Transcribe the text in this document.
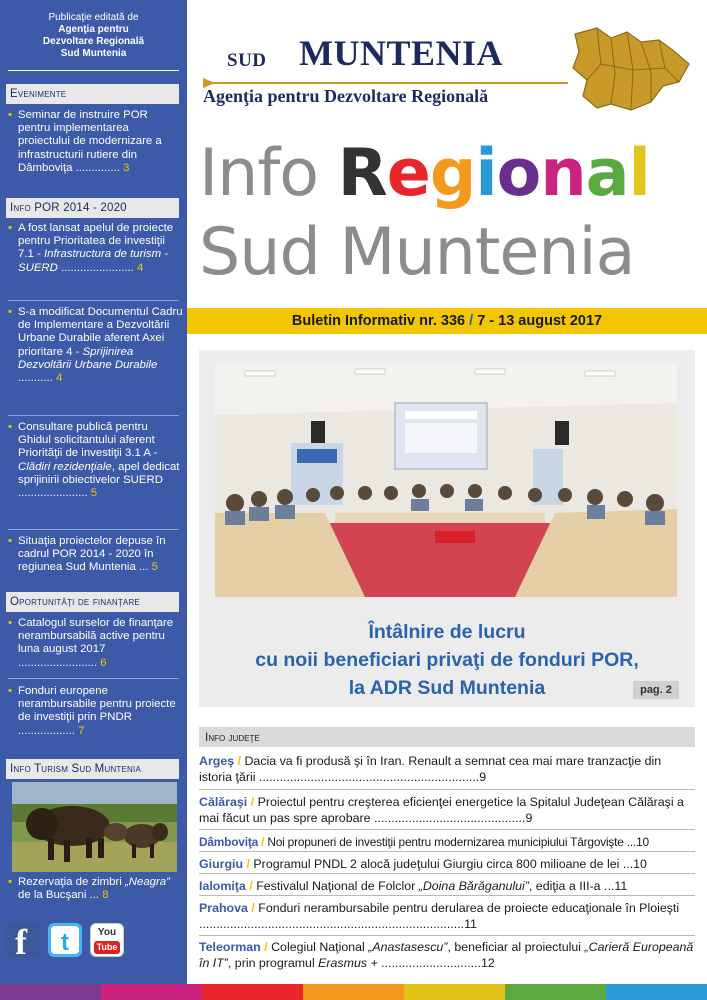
Publicaţie editată de
Agenţia pentru
Dezvoltare Regională
Sud Muntenia
Evenimente
▪ Seminar de instruire POR pentru implementarea proiectului de modernizare a infrastructurii rutiere din Dâmboviţa .............. 3
Info POR 2014 - 2020
▪ A fost lansat apelul de proiecte pentru Prioritatea de investiţii 7.1 - Infrastructura de turism - SUERD ....................... 4
▪ S-a modificat Documentul Cadru de Implementare a Dezvoltării Urbane Durabile aferent Axei prioritare 4 - Sprijinirea Dezvoltării Urbane Durabile ........... 4
▪ Consultare publică pentru Ghidul solicitantului aferent Priorităţii de investiţii 3.1 A - Clădiri rezidenţiale, apel dedicat sprijinirii obiectivelor SUERD ...................... 5
▪ Situaţia proiectelor depuse în cadrul POR 2014 - 2020 în regiunea Sud Muntenia ... 5
Oportunităţi de finanţare
▪ Catalogul surselor de finanţare nerambursabilă active pentru luna august 2017 ......................... 6
▪ Fonduri europene nerambursabile pentru proiecte de investiţii prin PNDR .................. 7
Info Turism Sud Muntenia
▪ Rezervaţia de zimbri „Neagra” de la Bucşani ... 8
f t	You
Tube
SUD MUNTENIA
Agenţia pentru Dezvoltare Regională
Info Regional
Sud Muntenia
Buletin Informativ nr. 336 / 7 - 13 august 2017
Întâlnire de lucru
cu noii beneficiari privaţi de fonduri POR,
la ADR Sud Muntenia	pag. 2
Info judeţe
Argeş / Dacia va fi produsă şi în Iran. Renault a semnat cea mai mare tranzacţie din istoria ţării ................................................................9
Călăraşi / Proiectul pentru creşterea eficienţei energetice la Spitalul Judeţean Călăraşi a mai făcut un pas spre aprobare ............................................9
Dâmboviţa / Noi propuneri de investiţii pentru modernizarea municipiului Târgovişte ...10
Giurgiu / Programul PNDL 2 alocă judeţului Giurgiu circa 800 milioane de lei ...10
Ialomiţa / Festivalul Naţional de Folclor „Doina Bărăganului”, ediţia a III-a ...11
Prahova / Fonduri nerambursabile pentru derularea de proiecte educaţionale în Ploieşti .............................................................................11
Teleorman / Colegiul Naţional „Anastasescu”, beneficiar al proiectului „Carieră Europeană în IT”, prin programul Erasmus + .............................12
